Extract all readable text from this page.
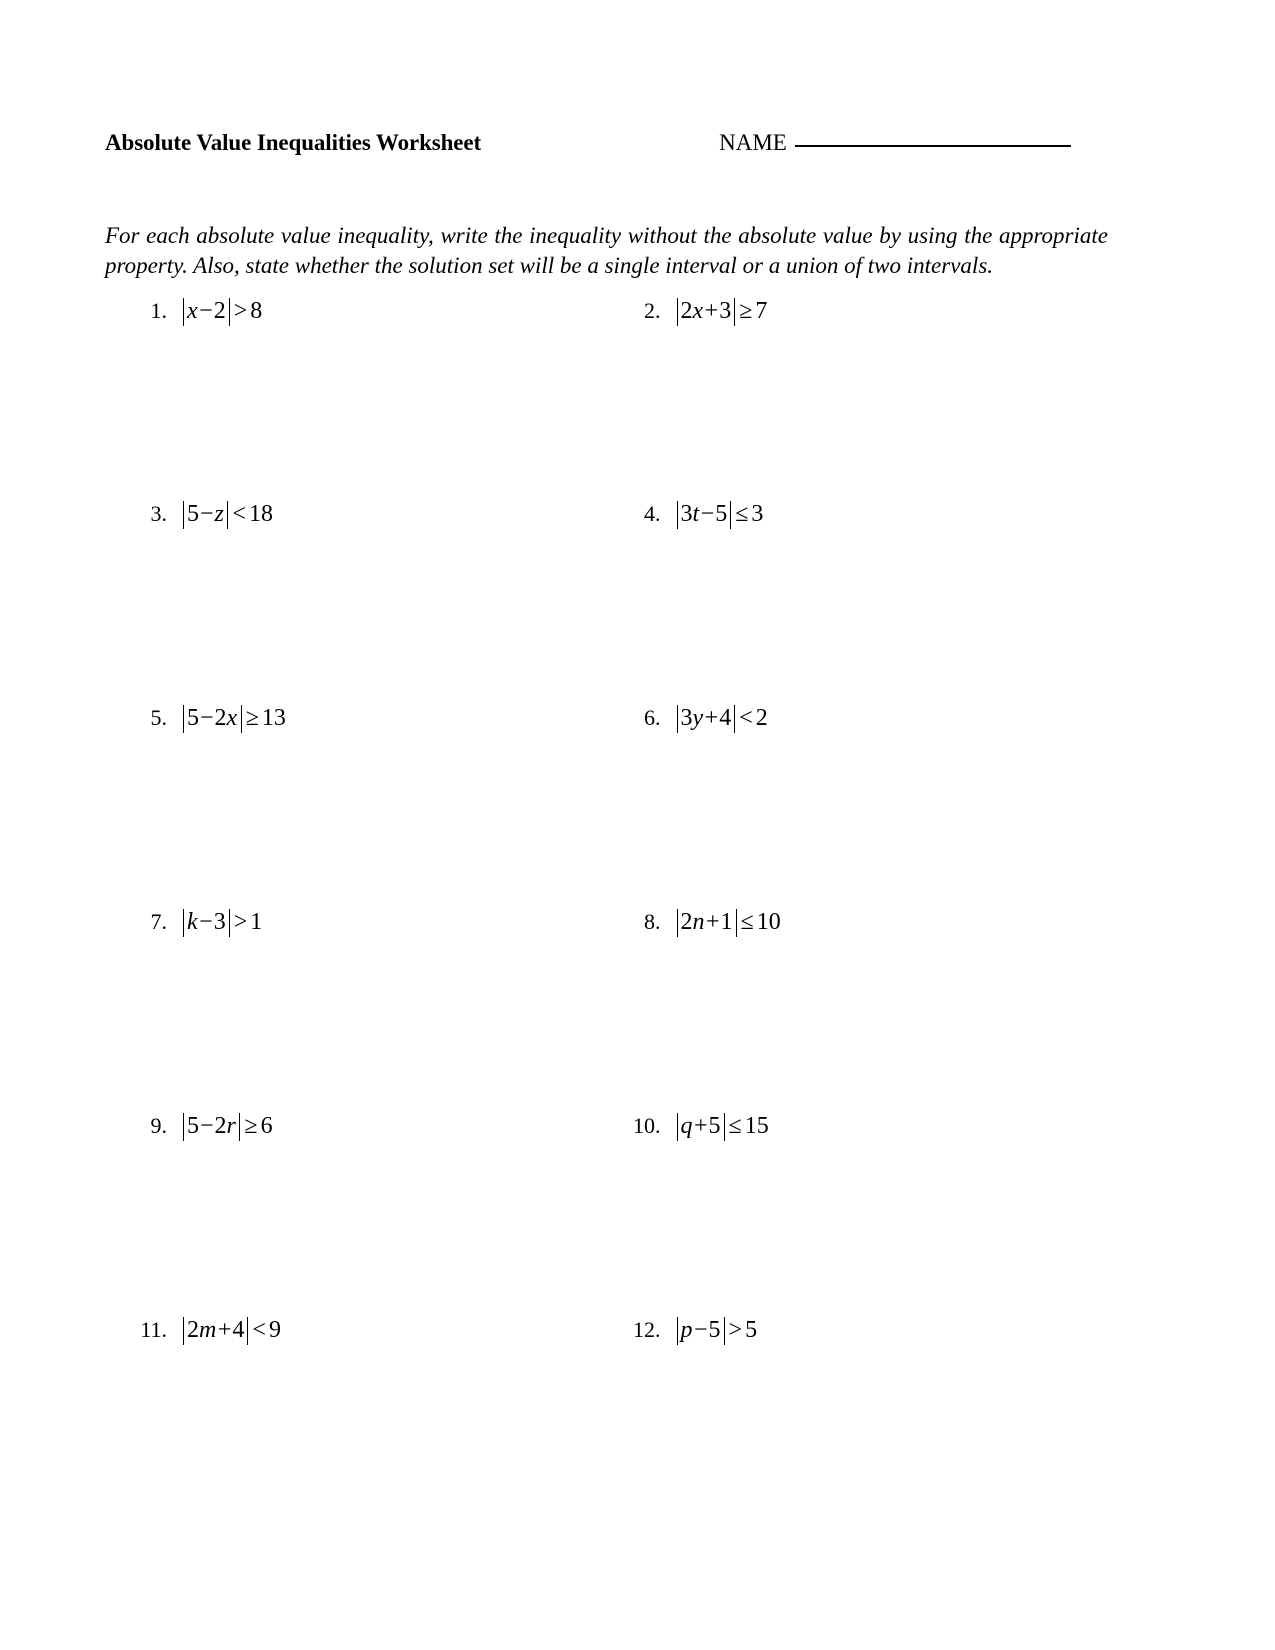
Absolute Value Inequalities Worksheet	NAME
For each absolute value inequality, write the inequality without the absolute value by using the appropriate property. Also, state whether the solution set will be a single interval or a union of two intervals.
1. x−2 > 8	2. 2x+3 ≥ 7
3. 5−z < 18	4. 3t−5 ≤ 3
5. 5−2x ≥ 13	6. 3y+4 < 2
7. k−3 > 1	8. 2n+1 ≤ 10
9. 5−2r ≥ 6	10. q+5 ≤ 15
11. 2m+4 < 9	12. p−5 > 5
